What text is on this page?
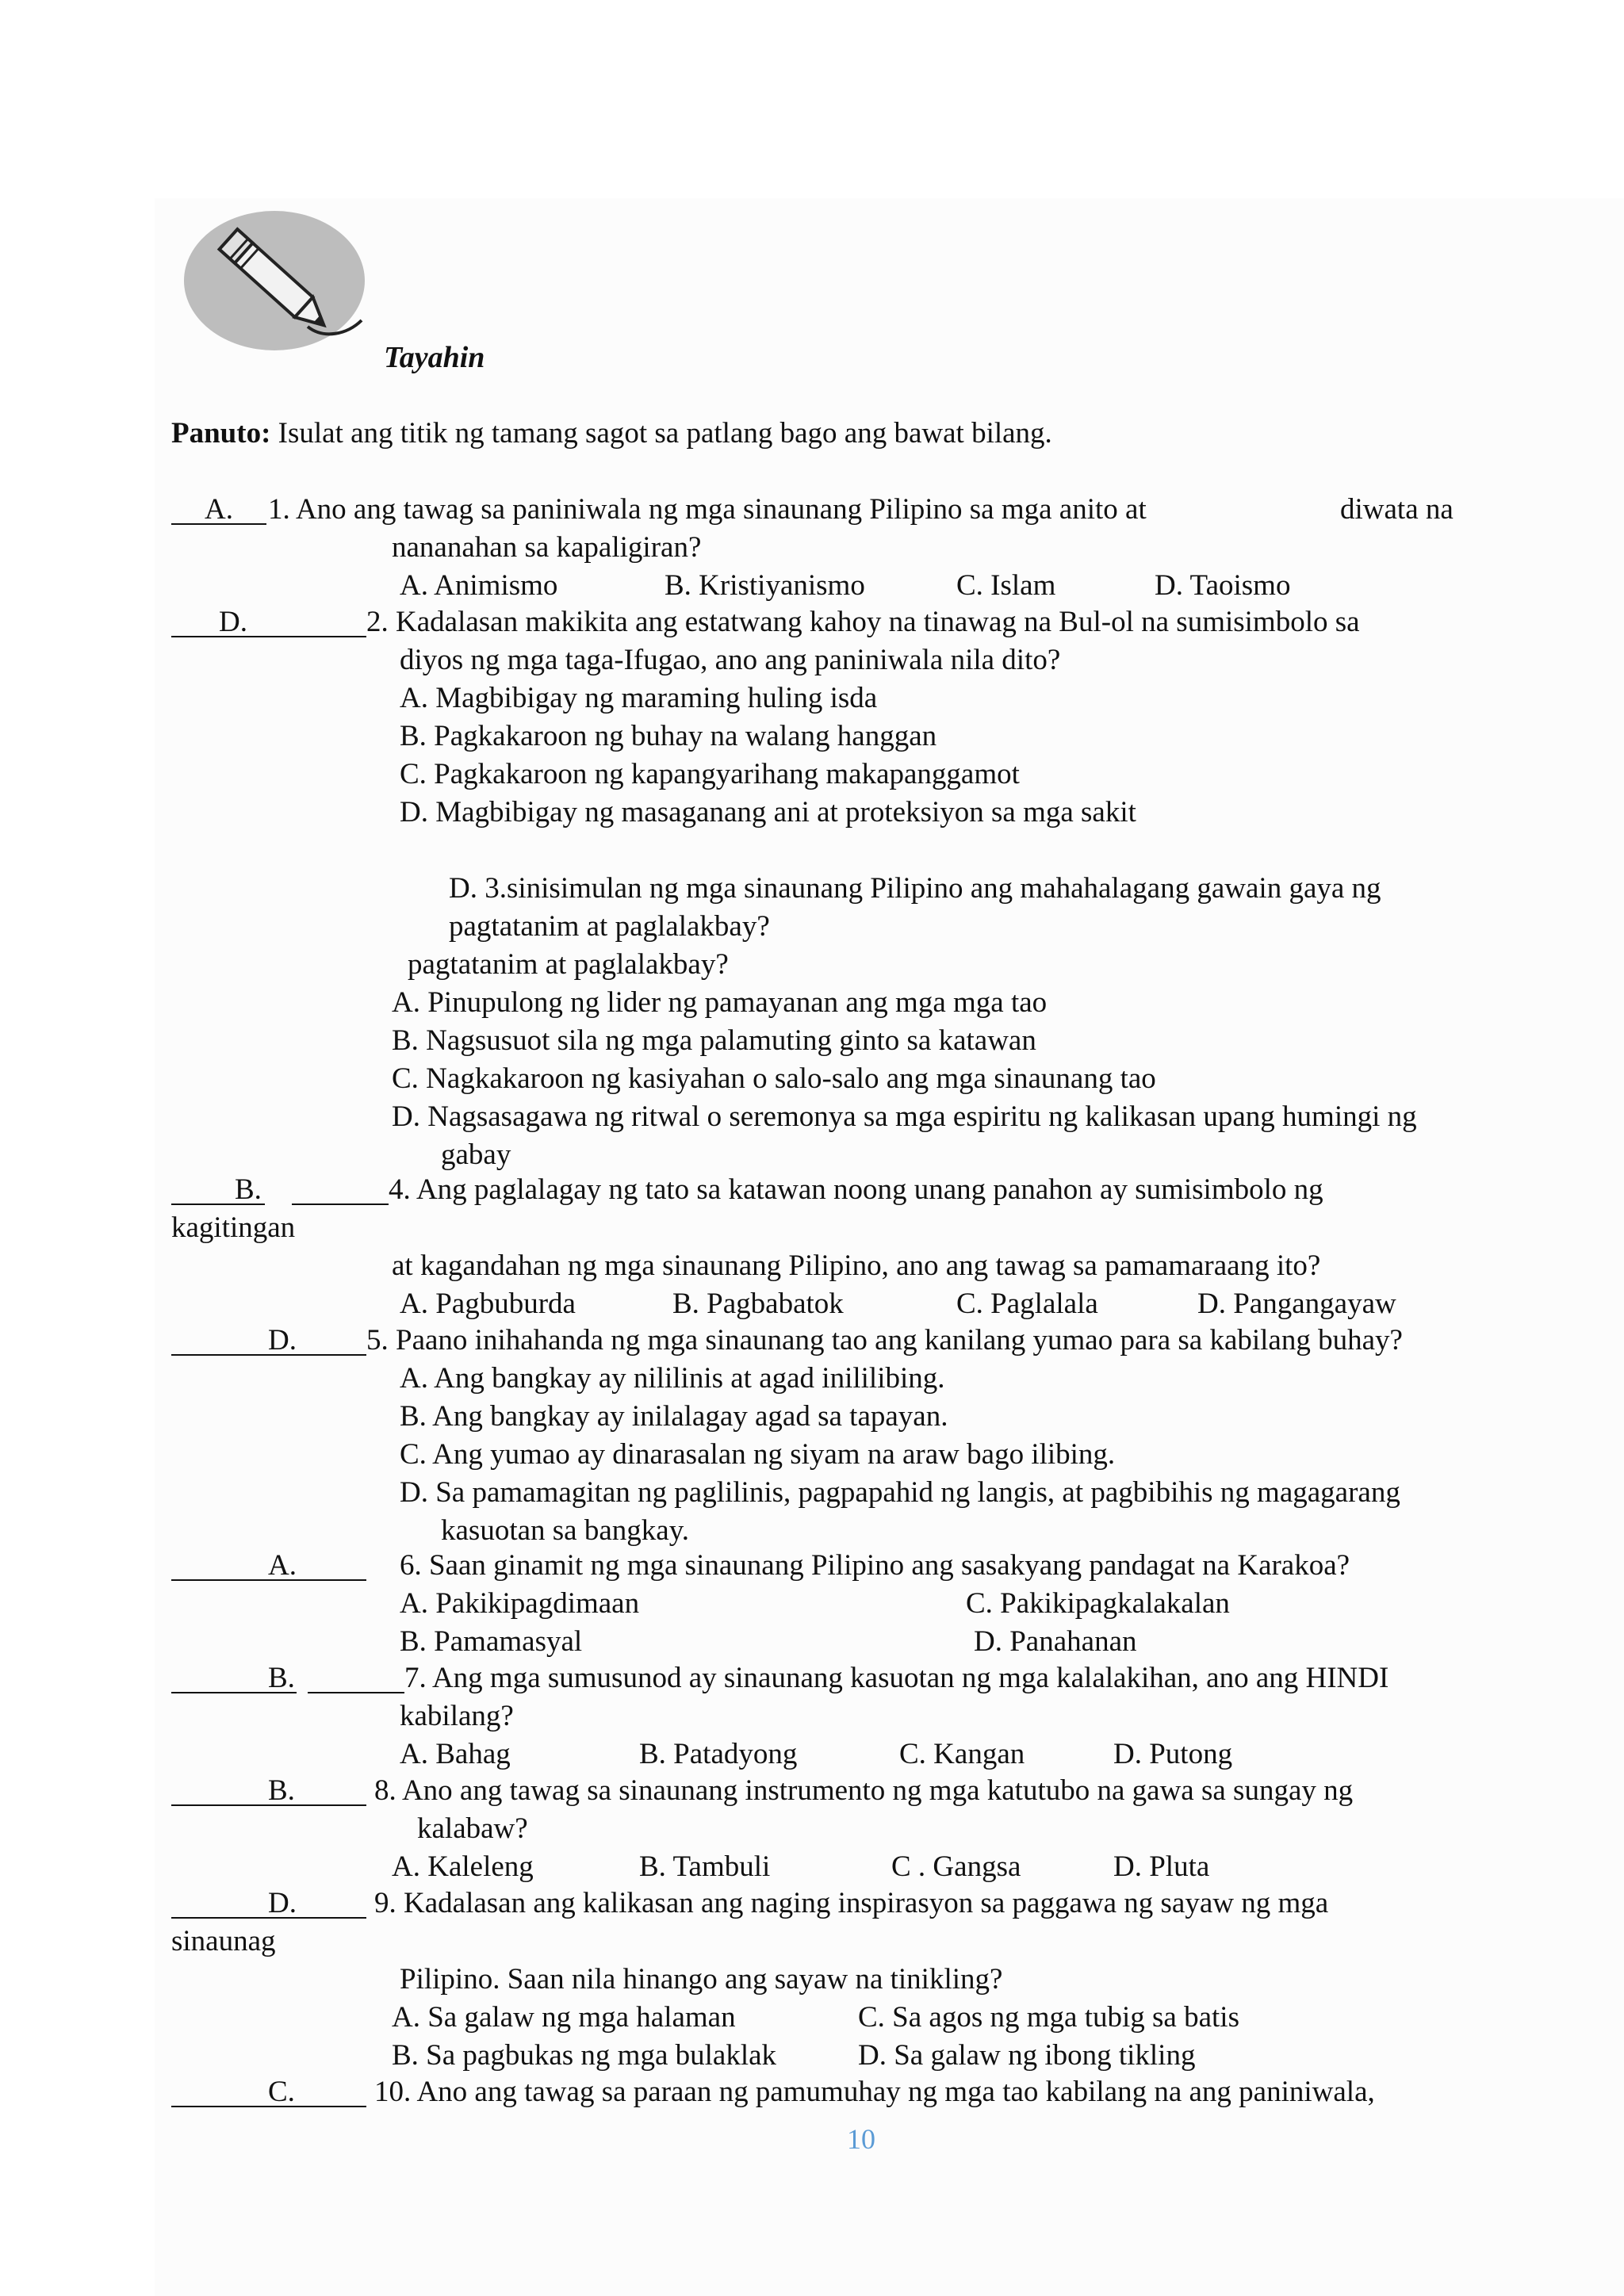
Tayahin
Panuto: Isulat ang titik ng tamang sagot sa patlang bago ang bawat bilang.
A. 1. Ano ang tawag sa paniniwala ng mga sinaunang Pilipino sa mga anito at	diwata na
nananahan sa kapaligiran?
A. Animismo	B. Kristiyanismo	C. Islam	D. Taoismo
D.	2. Kadalasan makikita ang estatwang kahoy na tinawag na Bul-ol na sumisimbolo sa
diyos ng mga taga-Ifugao, ano ang paniniwala nila dito?
A. Magbibigay ng maraming huling isda
B. Pagkakaroon ng buhay na walang hanggan
C. Pagkakaroon ng kapangyarihang makapanggamot
D. Magbibigay ng masaganang ani at proteksiyon sa mga sakit
D. 3.sinisimulan ng mga sinaunang Pilipino ang mahahalagang gawain gaya ng
pagtatanim at paglalakbay?
pagtatanim at paglalakbay?
A. Pinupulong ng lider ng pamayanan ang mga mga tao
B. Nagsusuot sila ng mga palamuting ginto sa katawan
C. Nagkakaroon ng kasiyahan o salo-salo ang mga sinaunang tao
D. Nagsasagawa ng ritwal o seremonya sa mga espiritu ng kalikasan upang humingi ng
gabay
B.	4. Ang paglalagay ng tato sa katawan noong unang panahon ay sumisimbolo ng
kagitingan
at kagandahan ng mga sinaunang Pilipino, ano ang tawag sa pamamaraang ito?
A. Pagbuburda	B. Pagbabatok	C. Paglalala	D. Pangangayaw
D. 5. Paano inihahanda ng mga sinaunang tao ang kanilang yumao para sa kabilang buhay?
A. Ang bangkay ay nililinis at agad inililibing.
B. Ang bangkay ay inilalagay agad sa tapayan.
C. Ang yumao ay dinarasalan ng siyam na araw bago ilibing.
D. Sa pamamagitan ng paglilinis, pagpapahid ng langis, at pagbibihis ng magagarang
kasuotan sa bangkay.
A.	6. Saan ginamit ng mga sinaunang Pilipino ang sasakyang pandagat na Karakoa?
A. Pakikipagdimaan	C. Pakikipagkalakalan
B. Pamamasyal	D. Panahanan
B.	7. Ang mga sumusunod ay sinaunang kasuotan ng mga kalalakihan, ano ang HINDI
kabilang?
A. Bahag	B. Patadyong	C. Kangan	D. Putong
B.	8. Ano ang tawag sa sinaunang instrumento ng mga katutubo na gawa sa sungay ng
kalabaw?
A. Kaleleng	B. Tambuli	C . Gangsa	D. Pluta
D.	9. Kadalasan ang kalikasan ang naging inspirasyon sa paggawa ng sayaw ng mga
sinaunag
Pilipino. Saan nila hinango ang sayaw na tinikling?
A. Sa galaw ng mga halaman	C. Sa agos ng mga tubig sa batis
B. Sa pagbukas ng mga bulaklak	D. Sa galaw ng ibong tikling
C.	10. Ano ang tawag sa paraan ng pamumuhay ng mga tao kabilang na ang paniniwala,
10
